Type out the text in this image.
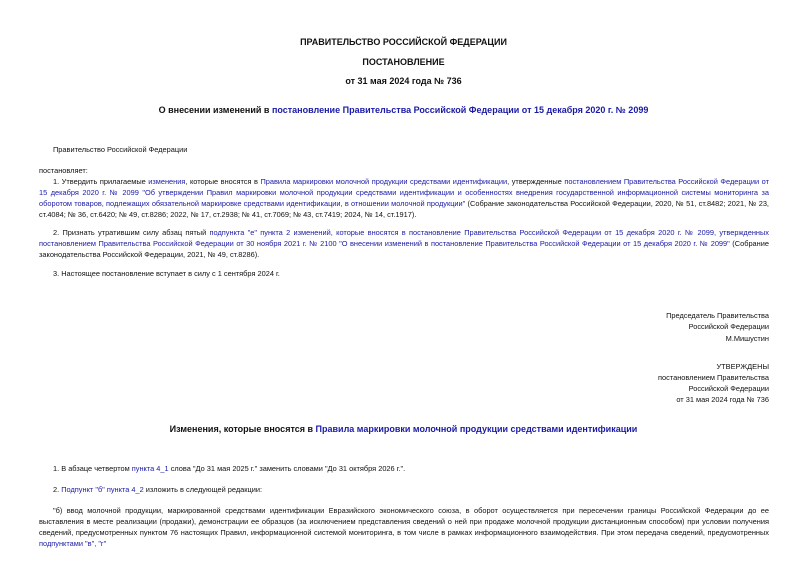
ПРАВИТЕЛЬСТВО РОССИЙСКОЙ ФЕДЕРАЦИИ
ПОСТАНОВЛЕНИЕ
от 31 мая 2024 года № 736
О внесении изменений в постановление Правительства Российской Федерации от 15 декабря 2020 г. № 2099
Правительство Российской Федерации
постановляет:
1. Утвердить прилагаемые изменения, которые вносятся в Правила маркировки молочной продукции средствами идентификации, утвержденные постановлением Правительства Российской Федерации от 15 декабря 2020 г. № 2099 "Об утверждении Правил маркировки молочной продукции средствами идентификации и особенностях внедрения государственной информационной системы мониторинга за оборотом товаров, подлежащих обязательной маркировке средствами идентификации, в отношении молочной продукции" (Собрание законодательства Российской Федерации, 2020, № 51, ст.8482; 2021, № 23, ст.4084; № 36, ст.6420; № 49, ст.8286; 2022, № 17, ст.2938; № 41, ст.7069; № 43, ст.7419; 2024, № 14, ст.1917).
2. Признать утратившим силу абзац пятый подпункта "е" пункта 2 изменений, которые вносятся в постановление Правительства Российской Федерации от 15 декабря 2020 г. № 2099, утвержденных постановлением Правительства Российской Федерации от 30 ноября 2021 г. № 2100 "О внесении изменений в постановление Правительства Российской Федерации от 15 декабря 2020 г. № 2099" (Собрание законодательства Российской Федерации, 2021, № 49, ст.8286).
3. Настоящее постановление вступает в силу с 1 сентября 2024 г.
Председатель Правительства
Российской Федерации
М.Мишустин
УТВЕРЖДЕНЫ
постановлением Правительства
Российской Федерации
от 31 мая 2024 года № 736
Изменения, которые вносятся в Правила маркировки молочной продукции средствами идентификации
1. В абзаце четвертом пункта 4_1 слова "До 31 мая 2025 г." заменить словами "До 31 октября 2026 г.".
2. Подпункт "б" пункта 4_2 изложить в следующей редакции:
"б) ввод молочной продукции, маркированной средствами идентификации Евразийского экономического союза, в оборот осуществляется при пересечении границы Российской Федерации до ее выставления в месте реализации (продажи), демонстрации ее образцов (за исключением представления сведений о ней при продаже молочной продукции дистанционным способом) при условии получения сведений, предусмотренных пунктом 76 настоящих Правил, информационной системой мониторинга, в том числе в рамках информационного взаимодействия. При этом передача сведений, предусмотренных подпунктами "в", "г"
